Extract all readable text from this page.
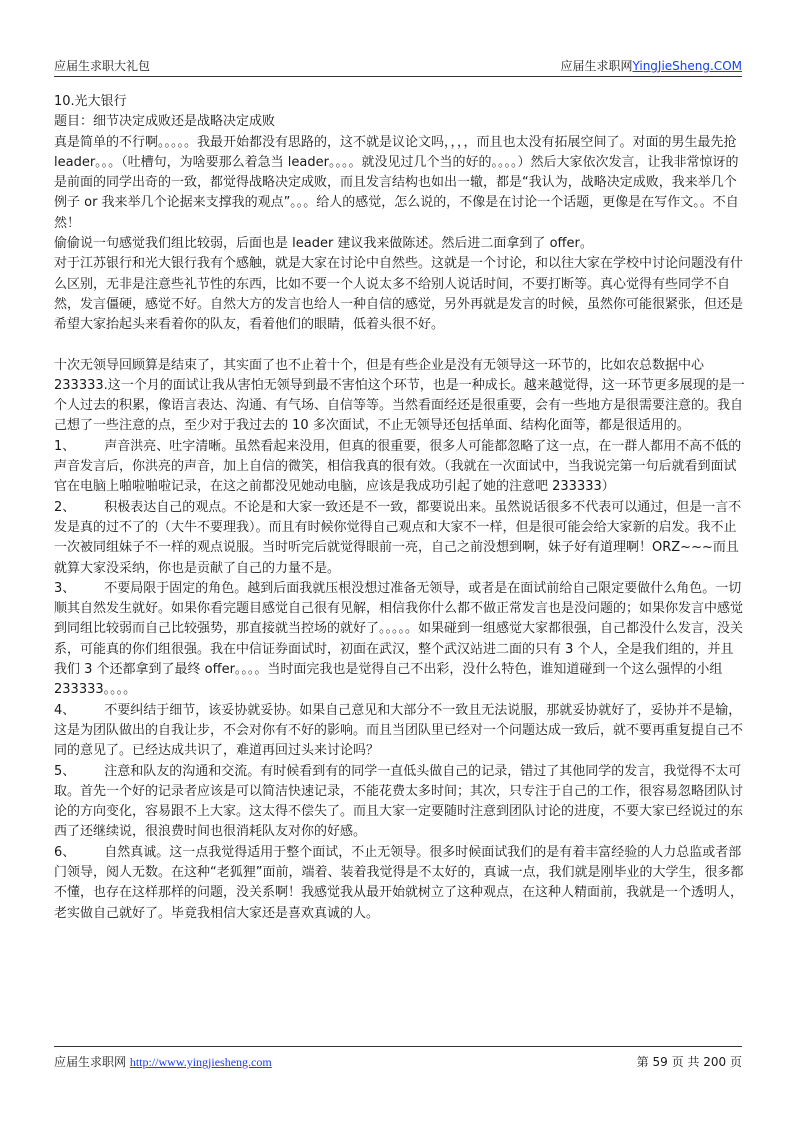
应届生求职大礼包	应届生求职网YingJieSheng.COM

10.光大银行

题目：细节决定成败还是战略决定成败

真是简单的不行啊。。。。。我最开始都没有思路的，这不就是议论文吗，，，，而且也太没有拓展空间了。对面的男生最先抢 leader。。。（吐槽句，为啥要那么着急当 leader。。。。就没见过几个当的好的。。。。）然后大家依次发言，让我非常惊讶的是前面的同学出奇的一致，都觉得战略决定成败，而且发言结构也如出一辙，都是“我认为，战略决定成败，我来举几个例子 or 我来举几个论据来支撑我的观点”。。。给人的感觉，怎么说的，不像是在讨论一个话题，更像是在写作文。。不自然！

偷偷说一句感觉我们组比较弱，后面也是 leader 建议我来做陈述。然后进二面拿到了 offer。

对于江苏银行和光大银行我有个感触，就是大家在讨论中自然些。这就是一个讨论，和以往大家在学校中讨论问题没有什么区别，无非是注意些礼节性的东西，比如不要一个人说太多不给别人说话时间，不要打断等。真心觉得有些同学不自然，发言僵硬，感觉不好。自然大方的发言也给人一种自信的感觉，另外再就是发言的时候，虽然你可能很紧张，但还是希望大家抬起头来看着你的队友，看着他们的眼睛，低着头很不好。

十次无领导回顾算是结束了，其实面了也不止着十个，但是有些企业是没有无领导这一环节的，比如农总数据中心 233333.这一个月的面试让我从害怕无领导到最不害怕这个环节，也是一种成长。越来越觉得，这一环节更多展现的是一个人过去的积累，像语言表达、沟通、有气场、自信等等。当然看面经还是很重要，会有一些地方是很需要注意的。我自己想了一些注意的点，至少对于我过去的 10 多次面试，不止无领导还包括单面、结构化面等，都是很适用的。

1、 声音洪亮、吐字清晰。虽然看起来没用，但真的很重要，很多人可能都忽略了这一点，在一群人都用不高不低的声音发言后，你洪亮的声音，加上自信的微笑，相信我真的很有效。（我就在一次面试中，当我说完第一句后就看到面试官在电脑上啪啦啪啦记录，在这之前都没见她动电脑，应该是我成功引起了她的注意吧 233333）

2、 积极表达自己的观点。不论是和大家一致还是不一致，都要说出来。虽然说话很多不代表可以通过，但是一言不发是真的过不了的（大牛不要理我）。而且有时候你觉得自己观点和大家不一样，但是很可能会给大家新的启发。我不止一次被同组妹子不一样的观点说服。当时听完后就觉得眼前一亮，自己之前没想到啊，妹子好有道理啊！ORZ~~~而且就算大家没采纳，你也是贡献了自己的力量不是。

3、 不要局限于固定的角色。越到后面我就压根没想过准备无领导，或者是在面试前给自己限定要做什么角色。一切顺其自然发生就好。如果你看完题目感觉自己很有见解，相信我你什么都不做正常发言也是没问题的；如果你发言中感觉到同组比较弱而自己比较强势，那直接就当控场的就好了。。。。。如果碰到一组感觉大家都很强，自己都没什么发言，没关系，可能真的你们组很强。我在中信证券面试时，初面在武汉，整个武汉站进二面的只有 3 个人，全是我们组的，并且我们 3 个还都拿到了最终 offer。。。。当时面完我也是觉得自己不出彩，没什么特色，谁知道碰到一个这么强悍的小组 233333。。。。

4、 不要纠结于细节，该妥协就妥协。如果自己意见和大部分不一致且无法说服，那就妥协就好了，妥协并不是输，这是为团队做出的自我让步，不会对你有不好的影响。而且当团队里已经对一个问题达成一致后，就不要再重复提自己不同的意见了。已经达成共识了，难道再回过头来讨论吗？

5、 注意和队友的沟通和交流。有时候看到有的同学一直低头做自己的记录，错过了其他同学的发言，我觉得不太可取。首先一个好的记录者应该是可以简洁快速记录，不能花费太多时间；其次，只专注于自己的工作，很容易忽略团队讨论的方向变化，容易跟不上大家。这太得不偿失了。而且大家一定要随时注意到团队讨论的进度，不要大家已经说过的东西了还继续说，很浪费时间也很消耗队友对你的好感。

6、 自然真诚。这一点我觉得适用于整个面试，不止无领导。很多时候面试我们的是有着丰富经验的人力总监或者部门领导，阅人无数。在这种“老狐狸”面前，端着、装着我觉得是不太好的，真诚一点，我们就是刚毕业的大学生，很多都不懂，也存在这样那样的问题，没关系啊！我感觉我从最开始就树立了这种观点，在这种人精面前，我就是一个透明人，老实做自己就好了。毕竟我相信大家还是喜欢真诚的人。

应届生求职网 http://www.yingjiesheng.com	第 59 页 共 200 页
